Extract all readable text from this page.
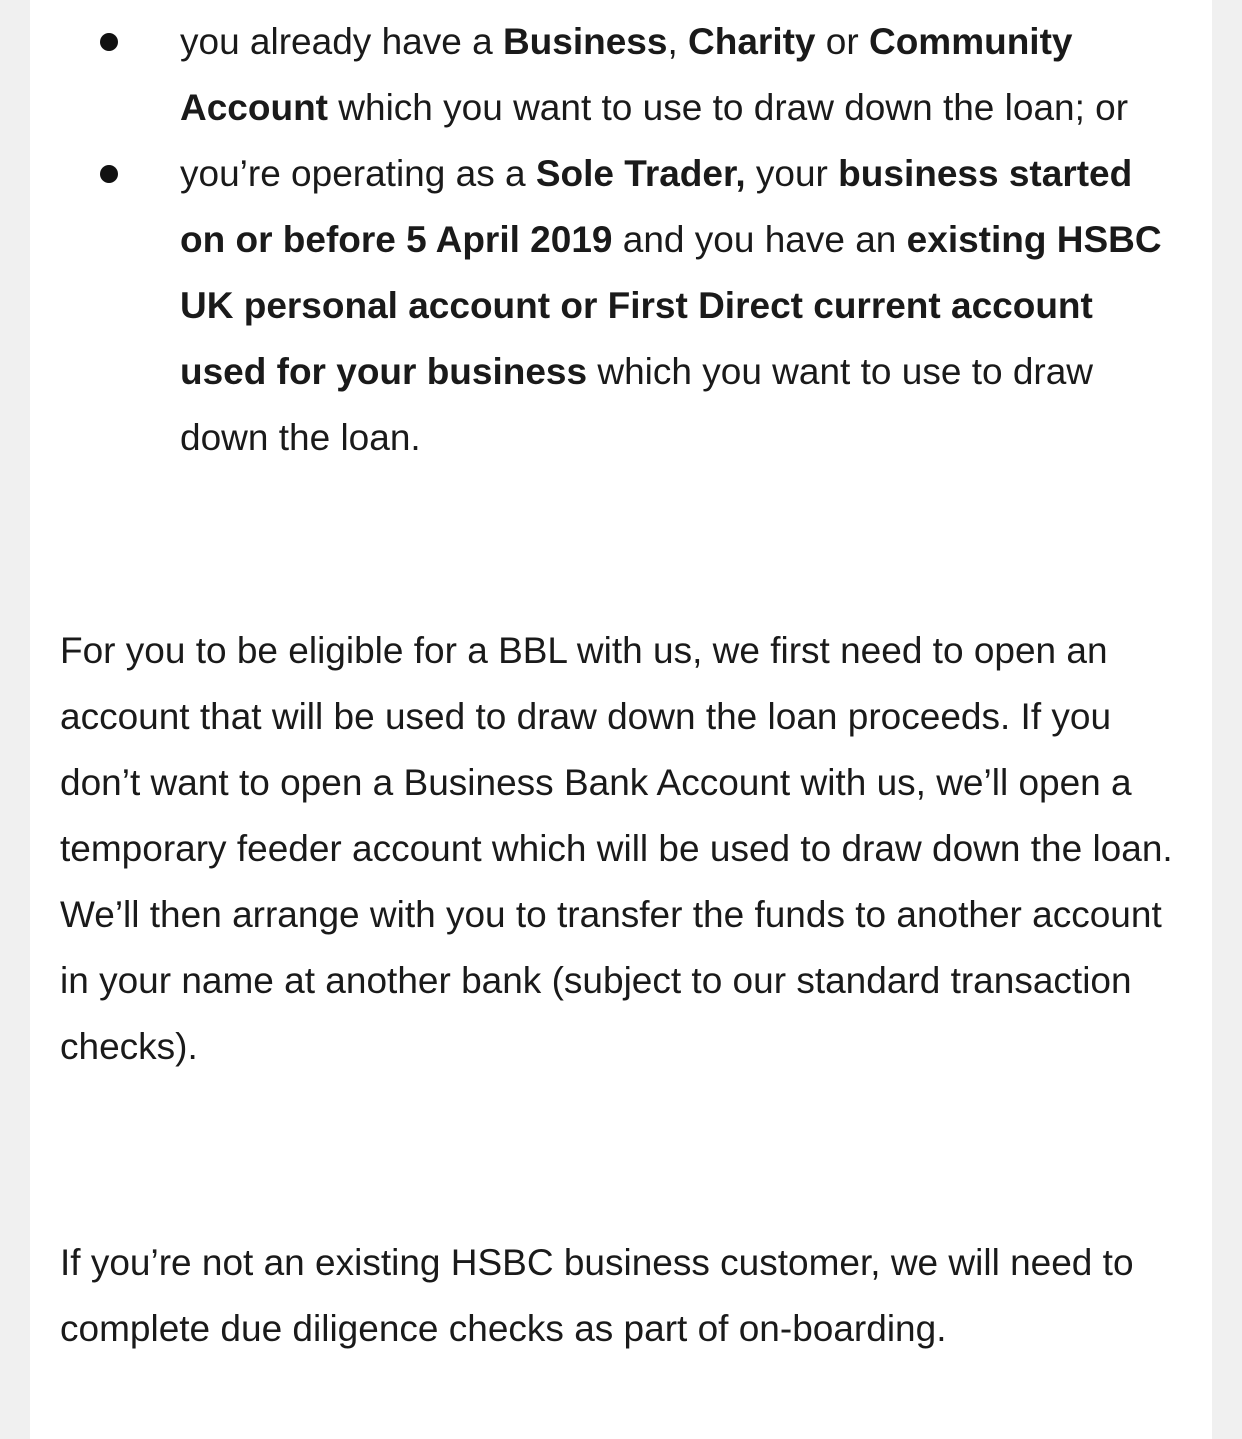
you already have a Business, Charity or Community Account which you want to use to draw down the loan; or
you’re operating as a Sole Trader, your business started on or before 5 April 2019 and you have an existing HSBC UK personal account or First Direct current account used for your business which you want to use to draw down the loan.

For you to be eligible for a BBL with us, we first need to open an account that will be used to draw down the loan proceeds. If you don’t want to open a Business Bank Account with us, we’ll open a temporary feeder account which will be used to draw down the loan. We’ll then arrange with you to transfer the funds to another account in your name at another bank (subject to our standard transaction checks).

If you’re not an existing HSBC business customer, we will need to complete due diligence checks as part of on-boarding.
